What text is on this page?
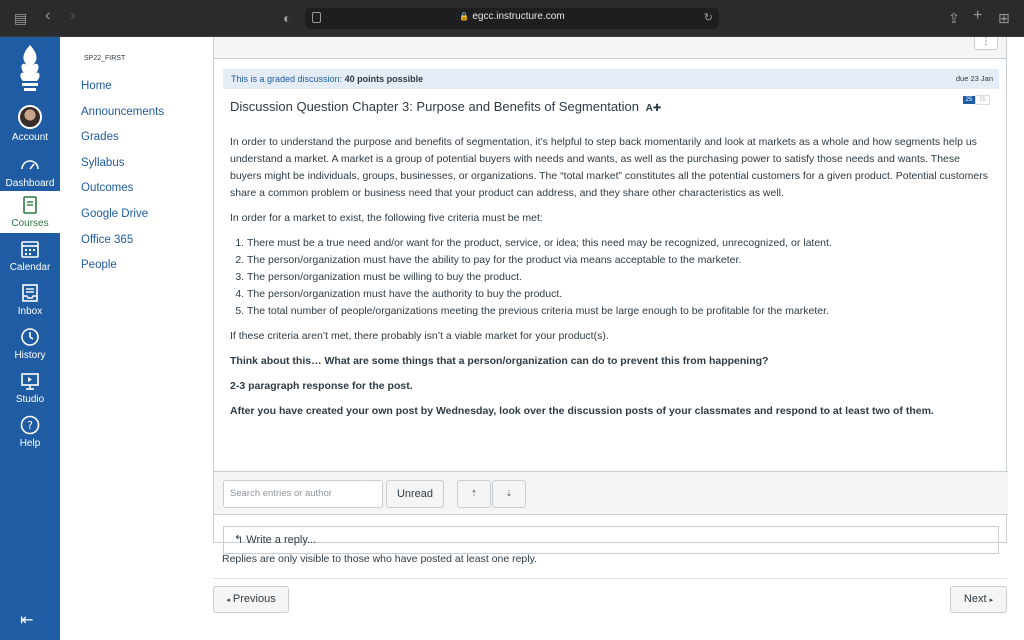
▤ ‹ ›	◐	🔒 egcc.instructure.com	↻	⇪ + ⊞
Account
Dashboard
Courses
Calendar
Inbox
History
Studio
?
Help
⇤
SP22_FIRST
Home
Announcements
Grades
Syllabus
Outcomes
Google Drive
Office 365
People
⋮
This is a graded discussion: 40 points possible	due 23 Jan
Discussion Question Chapter 3: Purpose and Benefits of Segmentation A✚
25 25

In order to understand the purpose and benefits of segmentation, it’s helpful to step back momentarily and look at markets as a whole and how segments help us understand a market. A market is a group of potential buyers with needs and wants, as well as the purchasing power to satisfy those needs and wants. These buyers might be individuals, groups, businesses, or organizations. The “total market” constitutes all the potential customers for a given product. Potential customers share a common problem or business need that your product can address, and they share other characteristics as well.

In order for a market to exist, the following five criteria must be met:

1. There must be a true need and/or want for the product, service, or idea; this need may be recognized, unrecognized, or latent.
2. The person/organization must have the ability to pay for the product via means acceptable to the marketer.
3. The person/organization must be willing to buy the product.
4. The person/organization must have the authority to buy the product.
5. The total number of people/organizations meeting the previous criteria must be large enough to be profitable for the marketer.

If these criteria aren’t met, there probably isn’t a viable market for your product(s).

Think about this… What are some things that a person/organization can do to prevent this from happening?

2-3 paragraph response for the post.

After you have created your own post by Wednesday, look over the discussion posts of your classmates and respond to at least two of them.

Search entries or author	Unread	⇡	⇣
↰ Write a reply...
Replies are only visible to those who have posted at least one reply.
◂ Previous	Next ▸
